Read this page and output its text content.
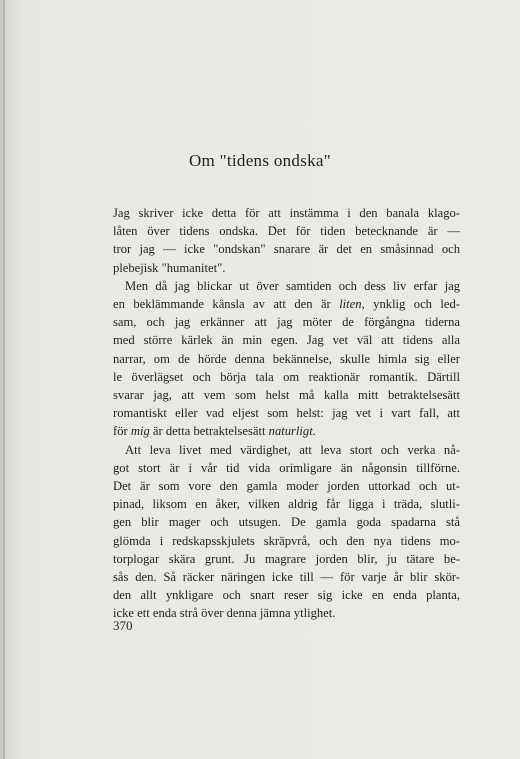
Om "tidens ondska"
Jag skriver icke detta för att instämma i den banala klago-
låten över tidens ondska. Det för tiden betecknande är —
tror jag — icke "ondskan" snarare är det en småsinnad och
plebejisk "humanitet".
Men då jag blickar ut över samtiden och dess liv erfar jag
en beklämmande känsla av att den är liten, ynklig och led-
sam, och jag erkänner att jag möter de förgångna tiderna
med större kärlek än min egen. Jag vet väl att tidens alla
narrar, om de hörde denna bekännelse, skulle himla sig eller
le överlägset och börja tala om reaktionär romantik. Därtill
svarar jag, att vem som helst må kalla mitt betraktelsesätt
romantiskt eller vad eljest som helst: jag vet i vart fall, att
för mig är detta betraktelsesätt naturligt.
Att leva livet med värdighet, att leva stort och verka nå-
got stort är i vår tid vida orimligare än någonsin tillförne.
Det är som vore den gamla moder jorden uttorkad och ut-
pinad, liksom en åker, vilken aldrig får ligga i träda, slutli-
gen blir mager och utsugen. De gamla goda spadarna stå
glömda i redskapsskjulets skräpvrå, och den nya tidens mo-
torplogar skära grunt. Ju magrare jorden blir, ju tätare be-
sås den. Så räcker näringen icke till — för varje år blir skör-
den allt ynkligare och snart reser sig icke en enda planta,
icke ett enda strå över denna jämna ytlighet.
370
